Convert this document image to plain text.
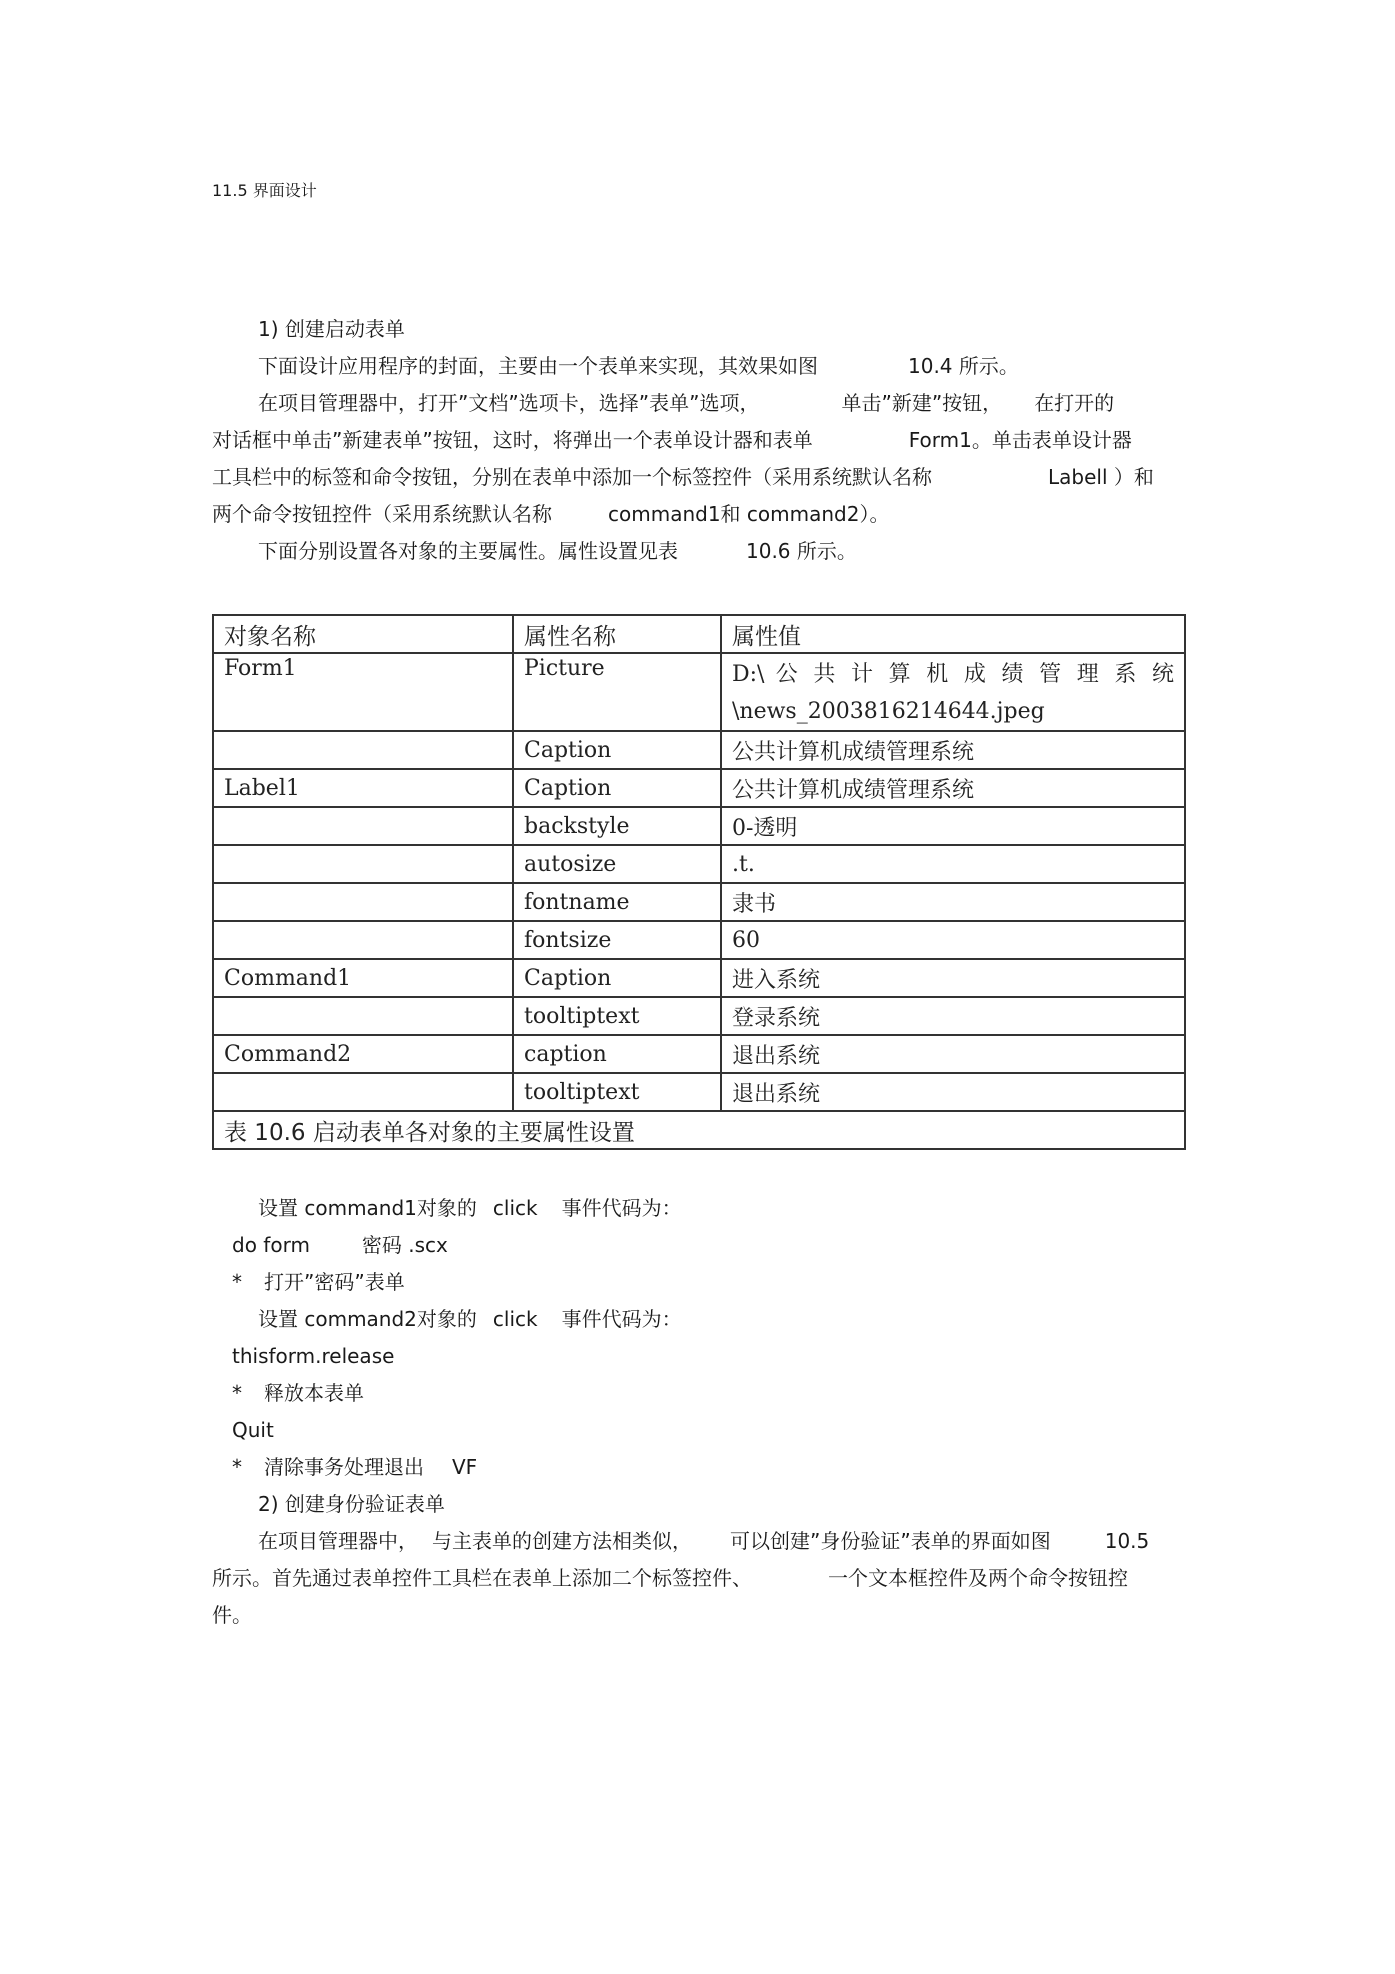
11.5 界面设计
1) 创建启动表单
下面设计应用程序的封面，主要由一个表单来实现，其效果如图	10.4 所示。
在项目管理器中，打开”文档”选项卡，选择”表单”选项，	单击”新建”按钮， 在打开的
对话框中单击”新建表单”按钮，这时，将弹出一个表单设计器和表单	Form1。单击表单设计器
工具栏中的标签和命令按钮，分别在表单中添加一个标签控件（采用系统默认名称	Labell ）和
两个命令按钮控件（采用系统默认名称	command1和 command2）。
下面分别设置各对象的主要属性。属性设置见表	10.6 所示。
对象名称	属性名称	属性值
Form1	Picture	D:\ 公 共 计 算 机 成 绩 管 理 系 统
\news_2003816214644.jpeg

	Caption	公共计算机成绩管理系统
Label1	Caption	公共计算机成绩管理系统
	backstyle	0-透明
	autosize	.t.
	fontname	隶书
	fontsize	60
Command1	Caption	进入系统
	tooltiptext	登录系统
Command2	caption	退出系统
	tooltiptext	退出系统
表 10.6 启动表单各对象的主要属性设置		
设置 command1对象的 click 事件代码为：
do form	密码 .scx
* 打开”密码”表单
设置 command2对象的 click 事件代码为：
thisform.release
* 释放本表单
Quit
* 清除事务处理退出 VF
2) 创建身份验证表单
在项目管理器中， 与主表单的创建方法相类似， 可以创建”身份验证”表单的界面如图	10.5
所示。首先通过表单控件工具栏在表单上添加二个标签控件、	一个文本框控件及两个命令按钮控
件。
